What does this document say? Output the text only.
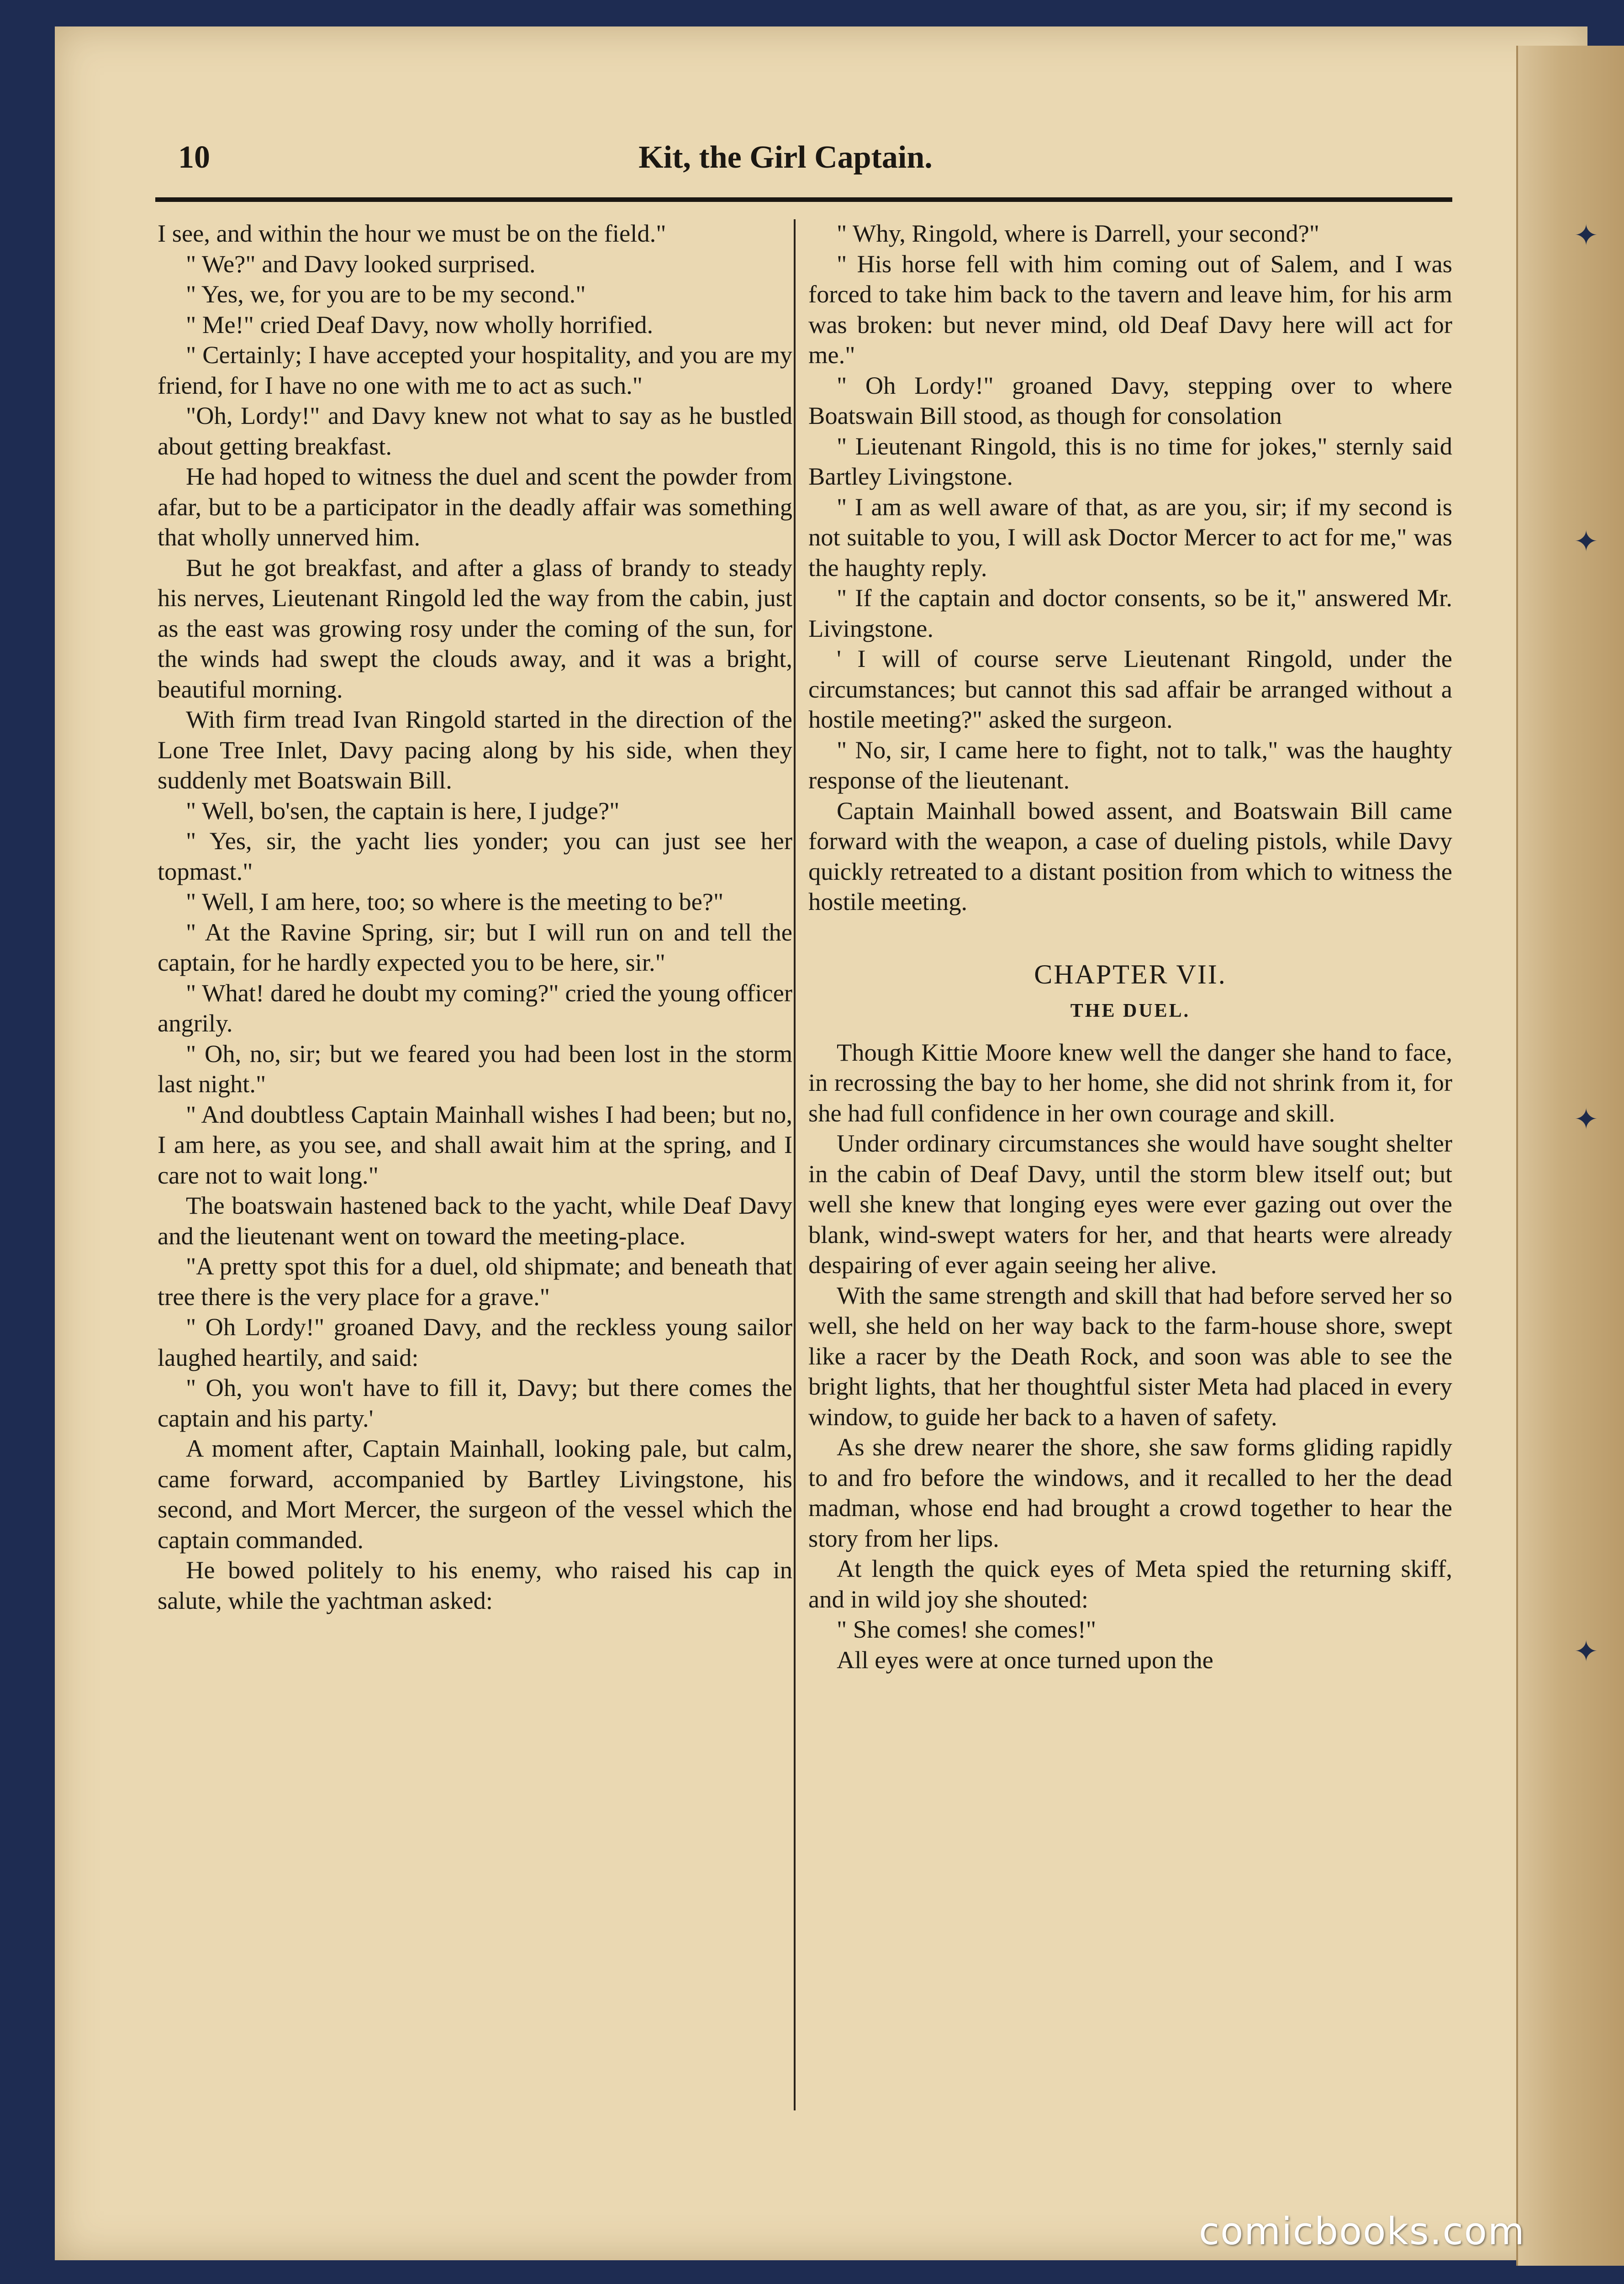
✦
✦
✦
✦
10	Kit, the Girl Captain.

I see, and within the hour we must be on the field."

" We?" and Davy looked surprised.

" Yes, we, for you are to be my second."

" Me!" cried Deaf Davy, now wholly horrified.

" Certainly; I have accepted your hospitality, and you are my friend, for I have no one with me to act as such."

"Oh, Lordy!" and Davy knew not what to say as he bustled about getting breakfast.

He had hoped to witness the duel and scent the powder from afar, but to be a participator in the deadly affair was something that wholly unnerved him.

But he got breakfast, and after a glass of brandy to steady his nerves, Lieutenant Ringold led the way from the cabin, just as the east was growing rosy under the coming of the sun, for the winds had swept the clouds away, and it was a bright, beautiful morning.

With firm tread Ivan Ringold started in the direction of the Lone Tree Inlet, Davy pacing along by his side, when they suddenly met Boatswain Bill.

" Well, bo'sen, the captain is here, I judge?"

" Yes, sir, the yacht lies yonder; you can just see her topmast."

" Well, I am here, too; so where is the meeting to be?"

" At the Ravine Spring, sir; but I will run on and tell the captain, for he hardly expected you to be here, sir."

" What! dared he doubt my coming?" cried the young officer angrily.

" Oh, no, sir; but we feared you had been lost in the storm last night."

" And doubtless Captain Mainhall wishes I had been; but no, I am here, as you see, and shall await him at the spring, and I care not to wait long."

The boatswain hastened back to the yacht, while Deaf Davy and the lieutenant went on toward the meeting-place.

"A pretty spot this for a duel, old shipmate; and beneath that tree there is the very place for a grave."

" Oh Lordy!" groaned Davy, and the reckless young sailor laughed heartily, and said:

" Oh, you won't have to fill it, Davy; but there comes the captain and his party.'

A moment after, Captain Mainhall, looking pale, but calm, came forward, accompanied by Bartley Livingstone, his second, and Mort Mercer, the surgeon of the vessel which the captain commanded.

He bowed politely to his enemy, who raised his cap in salute, while the yachtman asked:

" Why, Ringold, where is Darrell, your second?"

" His horse fell with him coming out of Salem, and I was forced to take him back to the tavern and leave him, for his arm was broken: but never mind, old Deaf Davy here will act for me."

" Oh Lordy!" groaned Davy, stepping over to where Boatswain Bill stood, as though for consolation

" Lieutenant Ringold, this is no time for jokes," sternly said Bartley Livingstone.

" I am as well aware of that, as are you, sir; if my second is not suitable to you, I will ask Doctor Mercer to act for me," was the haughty reply.

" If the captain and doctor consents, so be it," answered Mr. Livingstone.

' I will of course serve Lieutenant Ringold, under the circumstances; but cannot this sad affair be arranged without a hostile meeting?" asked the surgeon.

" No, sir, I came here to fight, not to talk," was the haughty response of the lieutenant.

Captain Mainhall bowed assent, and Boatswain Bill came forward with the weapon, a case of dueling pistols, while Davy quickly retreated to a distant position from which to witness the hostile meeting.

CHAPTER VII.
THE DUEL.

Though Kittie Moore knew well the danger she hand to face, in recrossing the bay to her home, she did not shrink from it, for she had full confidence in her own courage and skill.

Under ordinary circumstances she would have sought shelter in the cabin of Deaf Davy, until the storm blew itself out; but well she knew that longing eyes were ever gazing out over the blank, wind-swept waters for her, and that hearts were already despairing of ever again seeing her alive.

With the same strength and skill that had before served her so well, she held on her way back to the farm-house shore, swept like a racer by the Death Rock, and soon was able to see the bright lights, that her thoughtful sister Meta had placed in every window, to guide her back to a haven of safety.

As she drew nearer the shore, she saw forms gliding rapidly to and fro before the windows, and it recalled to her the dead madman, whose end had brought a crowd together to hear the story from her lips.

At length the quick eyes of Meta spied the returning skiff, and in wild joy she shouted:

" She comes! she comes!"

All eyes were at once turned upon the

comicbooks.com
